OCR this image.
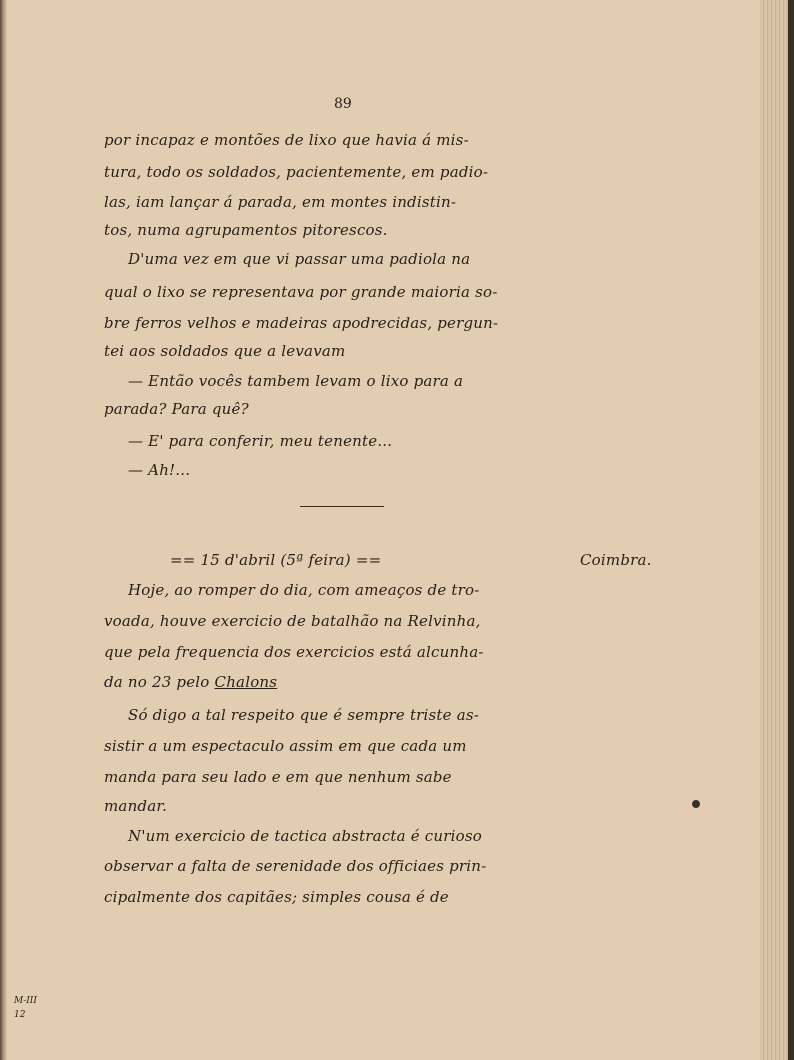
89
por incapaz e montões de lixo que havia á mis-
tura, todo os soldados, pacientemente, em padio-
las, iam lançar á parada, em montes indistin-
tos, numa agrupamentos pitorescos.
D'uma vez em que vi passar uma padiola na
qual o lixo se representava por grande maioria so-
bre ferros velhos e madeiras apodrecidas, pergun-
tei aos soldados que a levavam
— Então vocês tambem levam o lixo para a
parada? Para quê?
— E' para conferir, meu tenente...
— Ah!...
== 15 d'abril (5ª feira) ==	Coimbra.
Hoje, ao romper do dia, com ameaços de tro-
voada, houve exercicio de batalhão na Relvinha,
que pela frequencia dos exercicios está alcunha-
da no 23 pelo Chalons
Só digo a tal respeito que é sempre triste as-
sistir a um espectaculo assim em que cada um
manda para seu lado e em que nenhum sabe
mandar.
N'um exercicio de tactica abstracta é curioso
observar a falta de serenidade dos officiaes prin-
cipalmente dos capitães; simples cousa é de
M-III
12
